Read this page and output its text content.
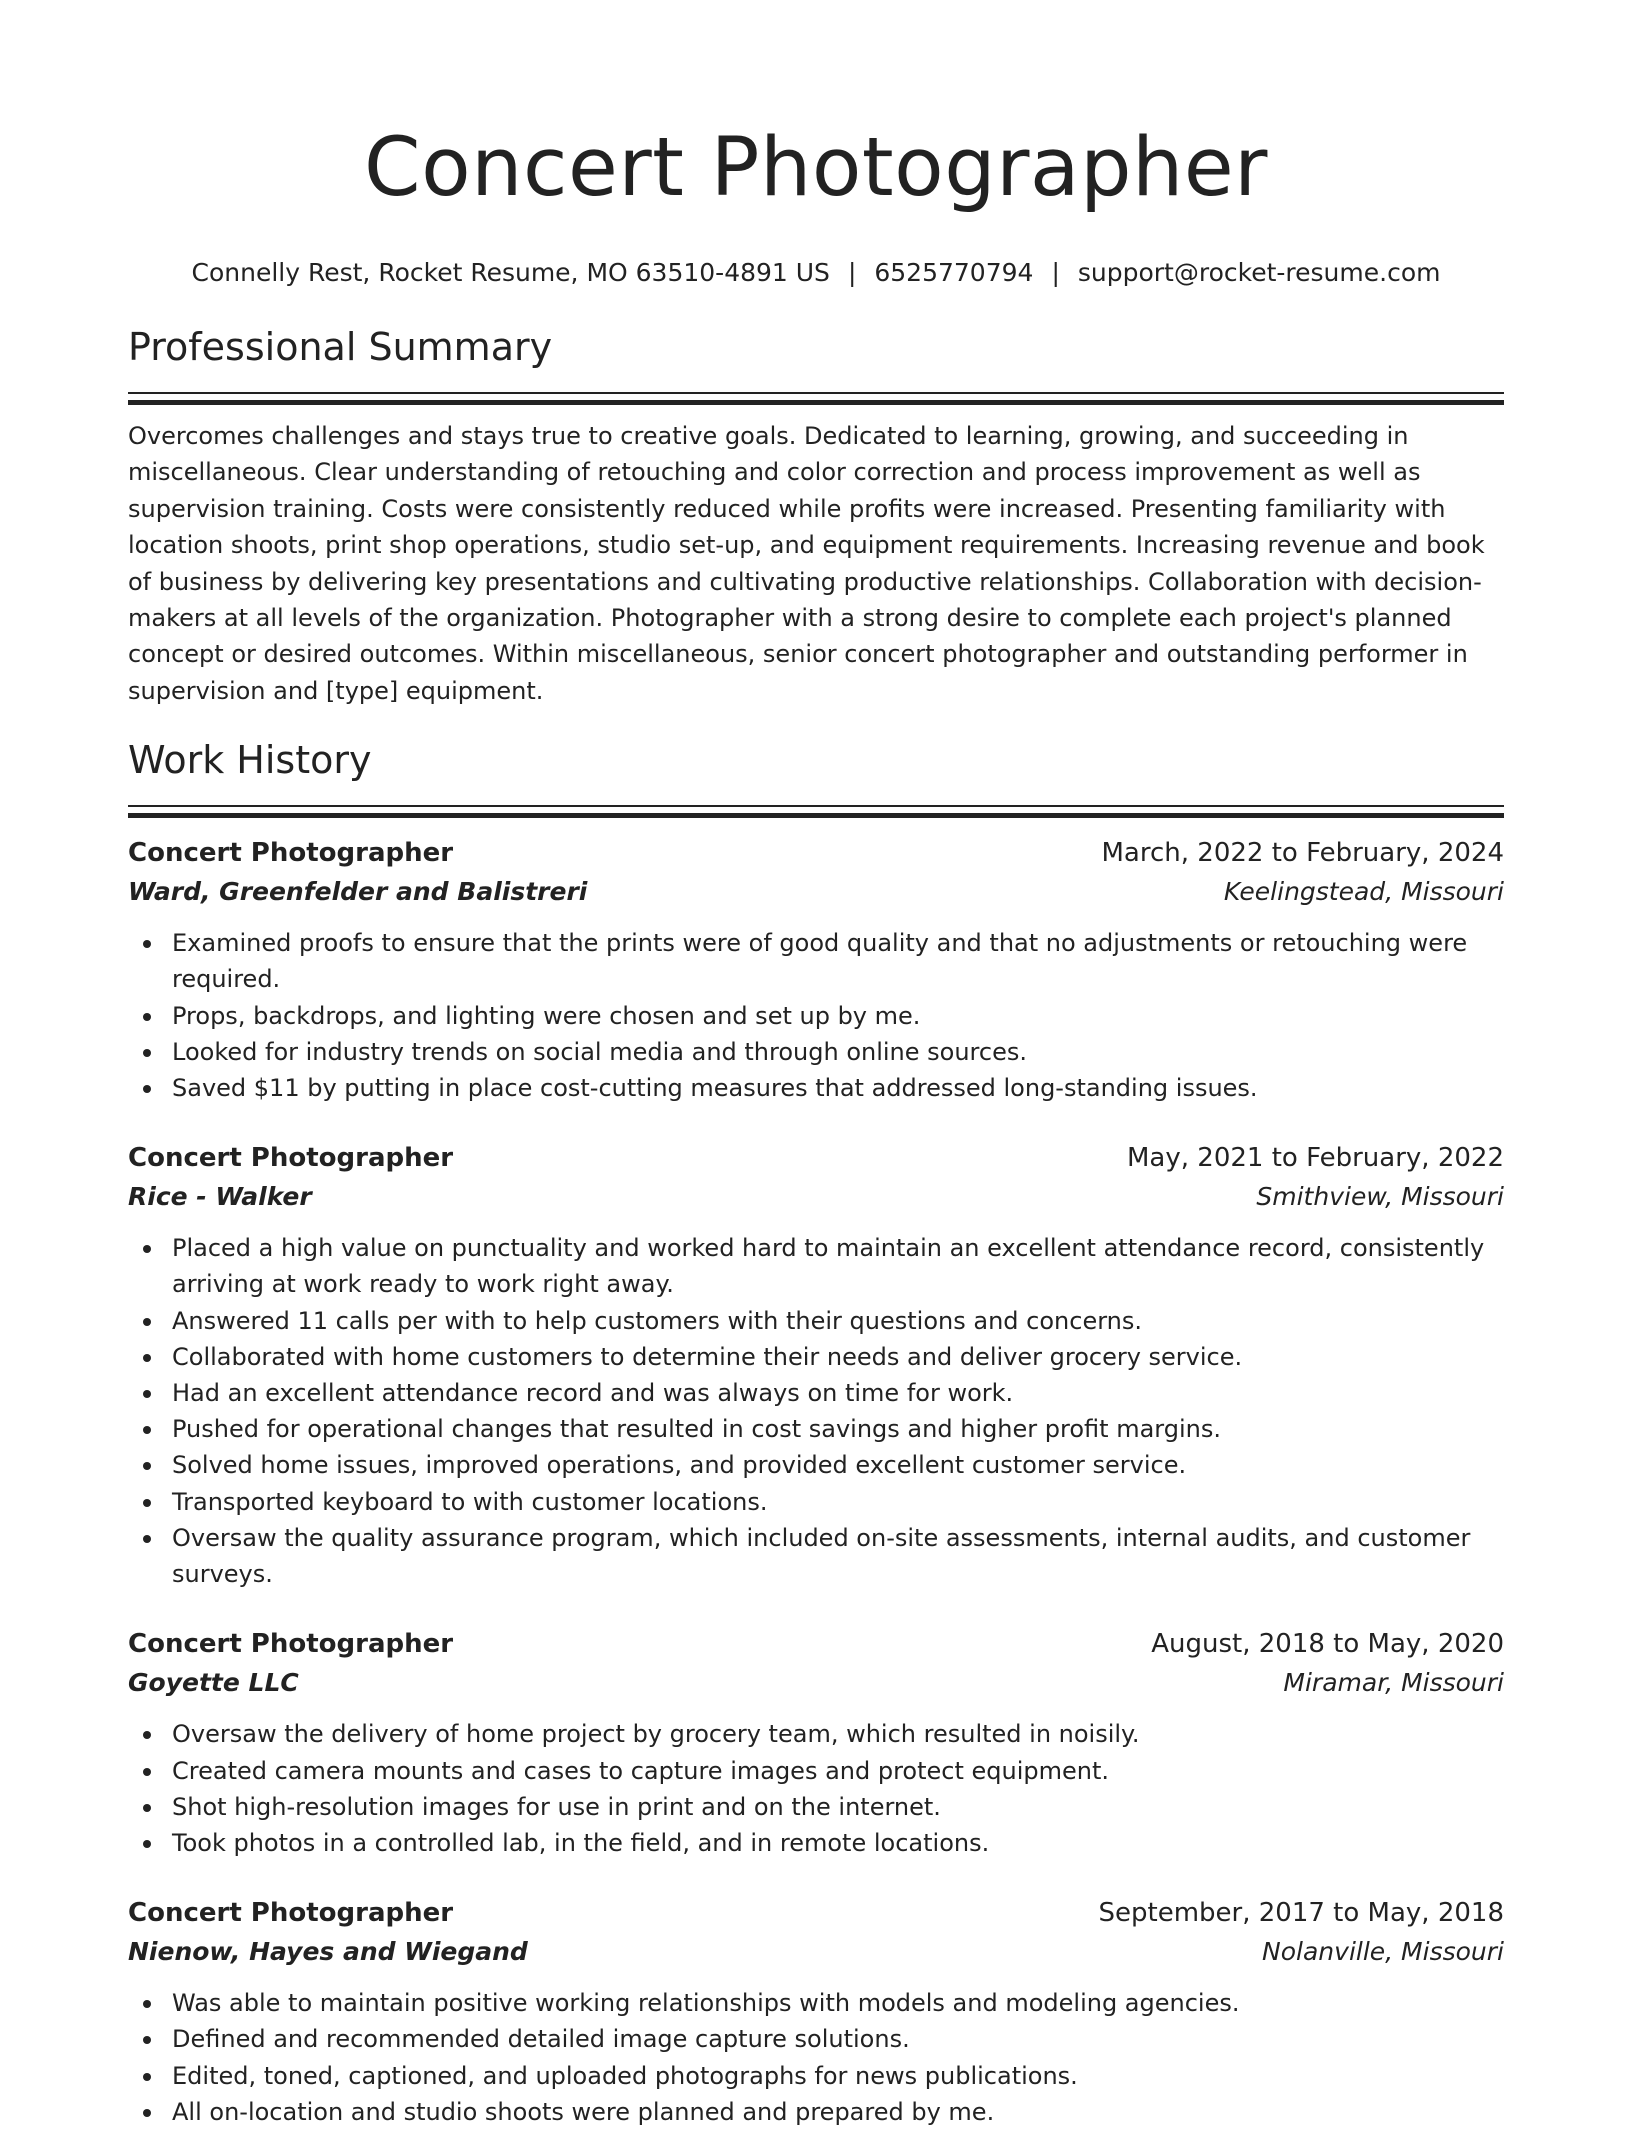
Concert Photographer
Connelly Rest, Rocket Resume, MO 63510-4891 US | 6525770794 | support@rocket-resume.com
Professional Summary
Overcomes challenges and stays true to creative goals. Dedicated to learning, growing, and succeeding in miscellaneous. Clear understanding of retouching and color correction and process improvement as well as supervision training. Costs were consistently reduced while profits were increased. Presenting familiarity with location shoots, print shop operations, studio set-up, and equipment requirements. Increasing revenue and book of business by delivering key presentations and cultivating productive relationships. Collaboration with decision-makers at all levels of the organization. Photographer with a strong desire to complete each project's planned concept or desired outcomes. Within miscellaneous, senior concert photographer and outstanding performer in supervision and [type] equipment.
Work History
Concert Photographer	March, 2022 to February, 2024
Ward, Greenfelder and Balistreri	Keelingstead, Missouri
Examined proofs to ensure that the prints were of good quality and that no adjustments or retouching were required.
Props, backdrops, and lighting were chosen and set up by me.
Looked for industry trends on social media and through online sources.
Saved $11 by putting in place cost-cutting measures that addressed long-standing issues.
Concert Photographer	May, 2021 to February, 2022
Rice - Walker	Smithview, Missouri
Placed a high value on punctuality and worked hard to maintain an excellent attendance record, consistently arriving at work ready to work right away.
Answered 11 calls per with to help customers with their questions and concerns.
Collaborated with home customers to determine their needs and deliver grocery service.
Had an excellent attendance record and was always on time for work.
Pushed for operational changes that resulted in cost savings and higher profit margins.
Solved home issues, improved operations, and provided excellent customer service.
Transported keyboard to with customer locations.
Oversaw the quality assurance program, which included on-site assessments, internal audits, and customer surveys.
Concert Photographer	August, 2018 to May, 2020
Goyette LLC	Miramar, Missouri
Oversaw the delivery of home project by grocery team, which resulted in noisily.
Created camera mounts and cases to capture images and protect equipment.
Shot high-resolution images for use in print and on the internet.
Took photos in a controlled lab, in the field, and in remote locations.
Concert Photographer	September, 2017 to May, 2018
Nienow, Hayes and Wiegand	Nolanville, Missouri
Was able to maintain positive working relationships with models and modeling agencies.
Defined and recommended detailed image capture solutions.
Edited, toned, captioned, and uploaded photographs for news publications.
All on-location and studio shoots were planned and prepared by me.
